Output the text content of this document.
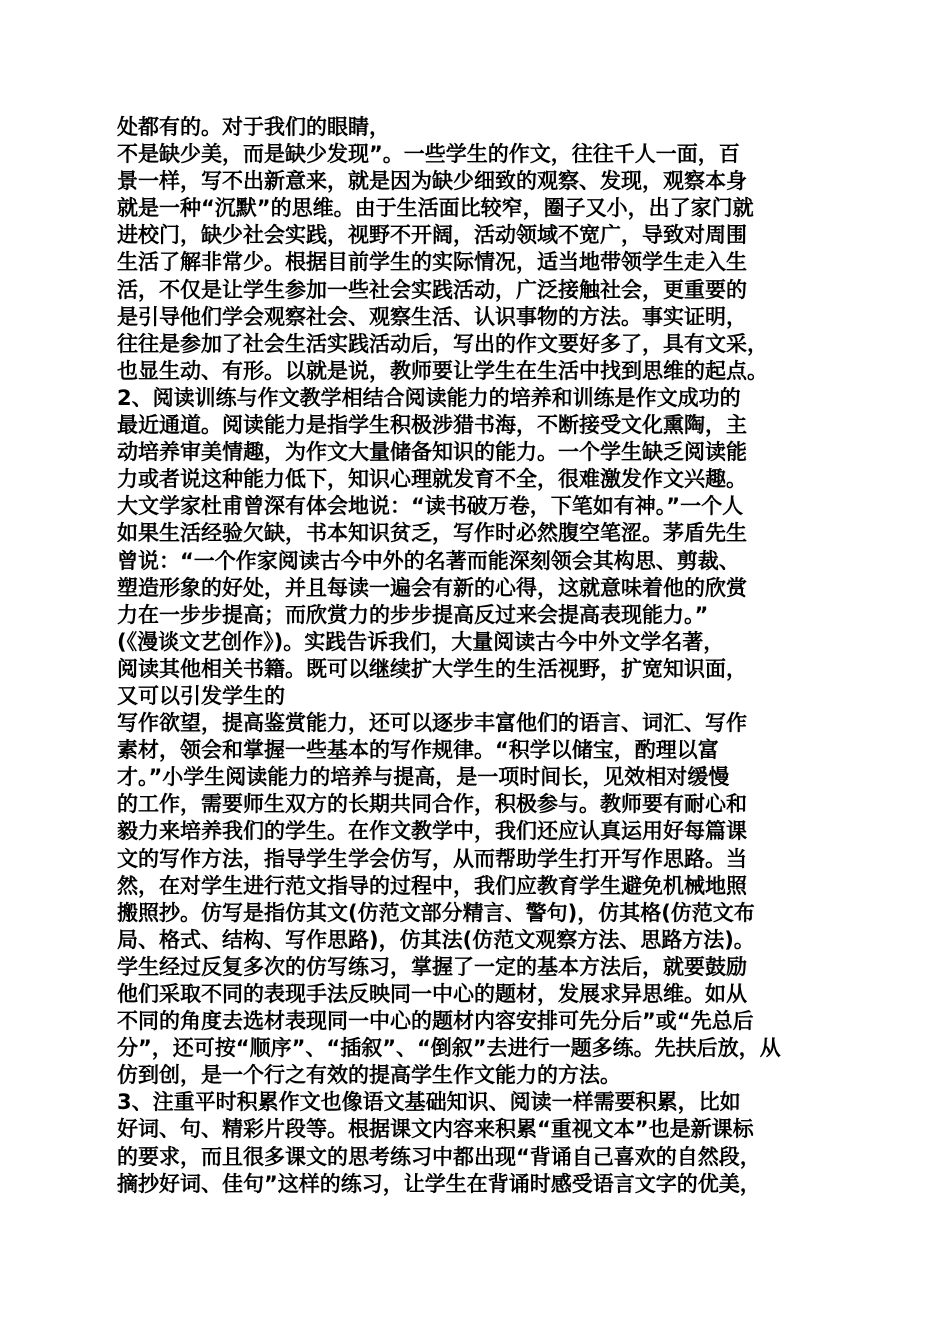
处都有的。对于我们的眼睛，
不是缺少美，而是缺少发现”。一些学生的作文，往往千人一面，百
景一样，写不出新意来，就是因为缺少细致的观察、发现，观察本身
就是一种“沉默”的思维。由于生活面比较窄，圈子又小，出了家门就
进校门，缺少社会实践，视野不开阔，活动领域不宽广，导致对周围
生活了解非常少。根据目前学生的实际情况，适当地带领学生走入生
活，不仅是让学生参加一些社会实践活动，广泛接触社会，更重要的
是引导他们学会观察社会、观察生活、认识事物的方法。事实证明，
往往是参加了社会生活实践活动后，写出的作文要好多了，具有文采，
也显生动、有形。以就是说，教师要让学生在生活中找到思维的起点。
2、阅读训练与作文教学相结合阅读能力的培养和训练是作文成功的
最近通道。阅读能力是指学生积极涉猎书海，不断接受文化熏陶，主
动培养审美情趣，为作文大量储备知识的能力。一个学生缺乏阅读能
力或者说这种能力低下，知识心理就发育不全，很难激发作文兴趣。
大文学家杜甫曾深有体会地说：“读书破万卷，下笔如有神。”一个人
如果生活经验欠缺，书本知识贫乏，写作时必然腹空笔涩。茅盾先生
曾说：“一个作家阅读古今中外的名著而能深刻领会其构思、剪裁、
塑造形象的好处，并且每读一遍会有新的心得，这就意味着他的欣赏
力在一步步提高；而欣赏力的步步提高反过来会提高表现能力。”
(《漫谈文艺创作》)。实践告诉我们，大量阅读古今中外文学名著，
阅读其他相关书籍。既可以继续扩大学生的生活视野，扩宽知识面，
又可以引发学生的
写作欲望，提高鉴赏能力，还可以逐步丰富他们的语言、词汇、写作
素材，领会和掌握一些基本的写作规律。“积学以储宝，酌理以富
才。”小学生阅读能力的培养与提高，是一项时间长，见效相对缓慢
的工作，需要师生双方的长期共同合作，积极参与。教师要有耐心和
毅力来培养我们的学生。在作文教学中，我们还应认真运用好每篇课
文的写作方法，指导学生学会仿写，从而帮助学生打开写作思路。当
然，在对学生进行范文指导的过程中，我们应教育学生避免机械地照
搬照抄。仿写是指仿其文(仿范文部分精言、警句)，仿其格(仿范文布
局、格式、结构、写作思路)，仿其法(仿范文观察方法、思路方法)。
学生经过反复多次的仿写练习，掌握了一定的基本方法后，就要鼓励
他们采取不同的表现手法反映同一中心的题材，发展求异思维。如从
不同的角度去选材表现同一中心的题材内容安排可先分后”或“先总后
分”，还可按“顺序”、“插叙”、“倒叙”去进行一题多练。先扶后放，从
仿到创，是一个行之有效的提高学生作文能力的方法。
3、注重平时积累作文也像语文基础知识、阅读一样需要积累，比如
好词、句、精彩片段等。根据课文内容来积累“重视文本”也是新课标
的要求，而且很多课文的思考练习中都出现“背诵自己喜欢的自然段，
摘抄好词、佳句”这样的练习，让学生在背诵时感受语言文字的优美，
